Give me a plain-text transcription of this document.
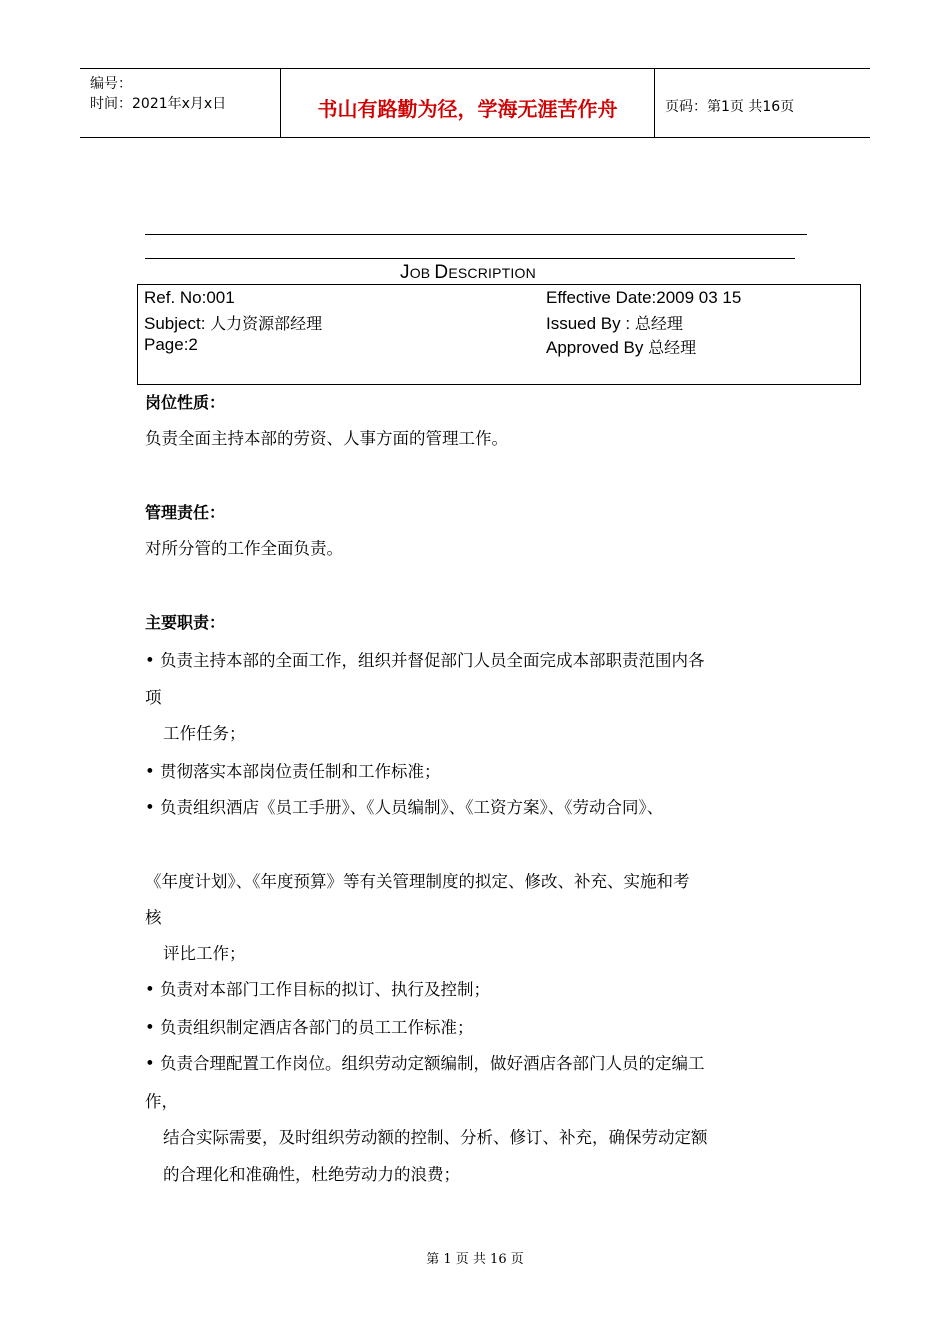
编号：
时间：2021年x月x日	书山有路勤为径，学海无涯苦作舟	页码：第1页 共16页
JOB DESCRIPTION
Ref. No:001
Subject: 人力资源部经理
Page:2
Effective Date:2009 03 15
Issued By : 总经理
Approved By 总经理
岗位性质：
负责全面主持本部的劳资、人事方面的管理工作。
管理责任：
对所分管的工作全面负责。
主要职责：
• 负责主持本部的全面工作，组织并督促部门人员全面完成本部职责范围内各
项
工作任务；
• 贯彻落实本部岗位责任制和工作标准；
• 负责组织酒店《员工手册》、《人员编制》、《工资方案》、《劳动合同》、
《年度计划》、《年度预算》等有关管理制度的拟定、修改、补充、实施和考
核
评比工作；
• 负责对本部门工作目标的拟订、执行及控制；
• 负责组织制定酒店各部门的员工工作标准；
• 负责合理配置工作岗位。组织劳动定额编制，做好酒店各部门人员的定编工
作，
结合实际需要，及时组织劳动额的控制、分析、修订、补充，确保劳动定额
的合理化和准确性，杜绝劳动力的浪费；
第 1 页 共 16 页
